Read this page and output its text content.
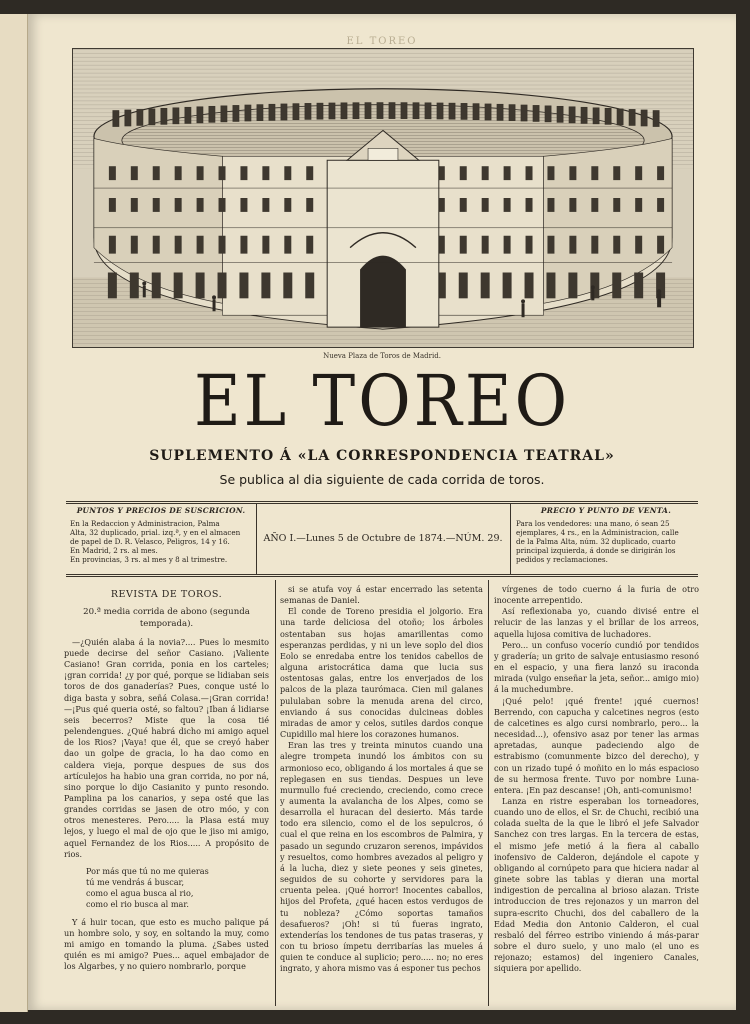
EL TOREO
Nueva Plaza de Toros de Madrid.
EL TOREO
SUPLEMENTO Á «LA CORRESPONDENCIA TEATRAL»
Se publica al dia siguiente de cada corrida de toros.
PUNTOS Y PRECIOS DE SUSCRICION.
En la Redaccion y Administracion, Palma
Alta, 32 duplicado, prial. izq.ª, y en el almacen
de papel de D. R. Velasco, Peligros, 14 y 16.
En Madrid, 2 rs. al mes.
En provincias, 3 rs. al mes y 8 al trimestre.
AÑO I.—Lunes 5 de Octubre de 1874.—NÚM. 29.
PRECIO Y PUNTO DE VENTA.
Para los vendedores: una mano, ó sean 25
ejemplares, 4 rs., en la Administracion, calle
de la Palma Alta, núm. 32 duplicado, cuarto
principal izquierda, á donde se dirigirán los
pedidos y reclamaciones.
REVISTA DE TOROS.
20.ª media corrida de abono (segunda temporada).

—¿Quién alaba á la novia?.... Pues lo mesmito puede decirse del señor Casiano. ¡Valiente Casiano! Gran corrida, ponia en los carteles; ¡gran corrida! ¿y por qué, porque se lidiaban seis toros de dos ganaderías? Pues, conque usté lo diga basta y sobra, señá Colasa.—¡Gran corrida!—¡Pus qué queria osté, so faltou? ¡Iban á lidiarse seis becerros? Miste que la cosa tié pelendengues. ¿Qué habrá dicho mi amigo aquel de los Rios? ¡Vaya! que él, que se creyó haber dao un golpe de gracia, lo ha dao como en caldera vieja, porque despues de sus dos artículejos ha habio una gran corrida, no por ná, sino porque lo dijo Casianito y punto resondo. Pamplina pa los canarios, y sepa osté que las grandes corridas se jasen de otro móo, y con otros menesteres. Pero..... la Plasa está muy lejos, y luego el mal de ojo que le jiso mi amigo, aquel Fernandez de los Rios..... A propósito de rios.

Por más que tú no me quieras
tú me vendrás á buscar,
como el agua busca al rio,
como el rio busca al mar.

Y á huir tocan, que esto es mucho palique pá un hombre solo, y soy, en soltando la muy, como mi amigo en tomando la pluma. ¿Sabes usted quién es mi amigo? Pues... aquel embajador de los Algarbes, y no quiero nombrarlo, porque

si se atufa voy á estar encerrado las setenta semanas de Daniel.

El conde de Toreno presidia el jolgorio. Era una tarde deliciosa del otoño; los árboles ostentaban sus hojas amarillentas como esperanzas perdidas, y ni un leve soplo del dios Eolo se enredaba entre los tenidos cabellos de alguna aristocrática dama que lucia sus ostentosas galas, entre los enverjados de los palcos de la plaza taurómaca. Cien mil galanes pululaban sobre la menuda arena del circo, enviando á sus conocidas dulcineas dobles miradas de amor y celos, sutiles dardos conque Cupidillo mal hiere los corazones humanos.

Eran las tres y treinta minutos cuando una alegre trompeta inundó los ámbitos con su armonioso eco, obligando á los mortales á que se replegasen en sus tiendas. Despues un leve murmullo fué creciendo, creciendo, como crece y aumenta la avalancha de los Alpes, como se desarrolla el huracan del desierto. Más tarde todo era silencio, como el de los sepulcros, ó cual el que reina en los escombros de Palmira, y pasado un segundo cruzaron serenos, impávidos y resueltos, como hombres avezados al peligro y á la lucha, diez y siete peones y seis ginetes, seguidos de su cohorte y servidores para la cruenta pelea. ¡Qué horror! Inocentes caballos, hijos del Profeta, ¿qué hacen estos verdugos de tu nobleza? ¿Cómo soportas tamaños desafueros? ¡Oh! si tú fueras ingrato, extenderías los tendones de tus patas traseras, y con tu brioso ímpetu derribarías las mueles á quien te conduce al suplicio; pero..... no; no eres ingrato, y ahora mismo vas á esponer tus pechos

vírgenes de todo cuerno á la furia de otro inocente arrepentido.

Así reflexionaba yo, cuando divisé entre el relucir de las lanzas y el brillar de los arreos, aquella lujosa comitiva de luchadores.

Pero... un confuso vocerío cundió por tendidos y gradería; un grito de salvaje entusiasmo resonó en el espacio, y una fiera lanzó su iraconda mirada (vulgo enseñar la jeta, señor... amigo mio) á la muchedumbre.

¡Qué pelo! ¡qué frente! ¡qué cuernos! Berrendo, con capucha y calcetines negros (esto de calcetines es algo cursi nombrarlo, pero... la necesidad...), ofensivo asaz por tener las armas apretadas, aunque padeciendo algo de estrabismo (comunmente bizco del derecho), y con un rizado tupé ó moñito en lo más espacioso de su hermosa frente. Tuvo por nombre Luna-entera. ¡En paz descanse! ¡Oh, anti-comunismo!

Lanza en ristre esperaban los torneadores, cuando uno de ellos, el Sr. de Chuchi, recibió una colada suelta de la que le libró el jefe Salvador Sanchez con tres largas. En la tercera de estas, el mismo jefe metió á la fiera al caballo inofensivo de Calderon, dejándole el capote y obligando al cornúpeto para que hiciera nadar al ginete sobre las tablas y dieran una mortal indigestion de percalina al brioso alazan. Triste introduccion de tres rejonazos y un marron del supra-escrito Chuchi, dos del caballero de la Edad Media don Antonio Calderon, el cual resbaló del férreo estribo viniendo á más-parar sobre el duro suelo, y uno malo (el uno es rejonazo; estamos) del ingeniero Canales, siquiera por apellido.
